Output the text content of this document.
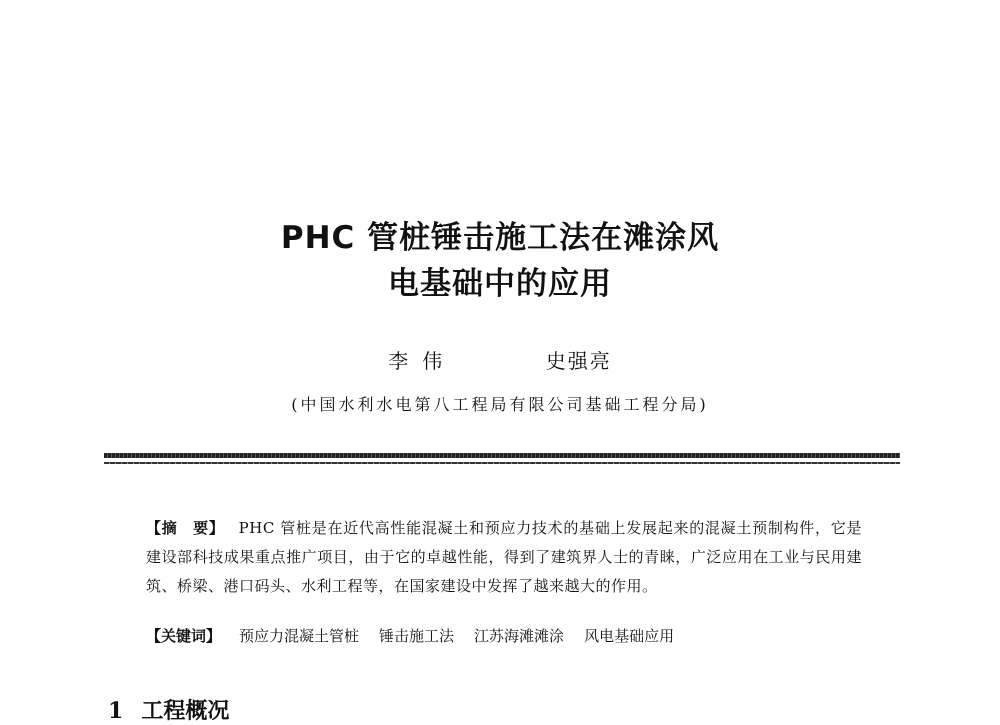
PHC 管桩锤击施工法在滩涂风
电基础中的应用
李伟	史强亮
(中国水利水电第八工程局有限公司基础工程分局)
【摘　要】 PHC 管桩是在近代高性能混凝土和预应力技术的基础上发展起来的混凝土预制构件，它是建设部科技成果重点推广项目，由于它的卓越性能，得到了建筑界人士的青睐，广泛应用在工业与民用建筑、桥梁、港口码头、水利工程等，在国家建设中发挥了越来越大的作用。
【关键词】 预应力混凝土管桩 锤击施工法 江苏海滩滩涂 风电基础应用
1 工程概况
